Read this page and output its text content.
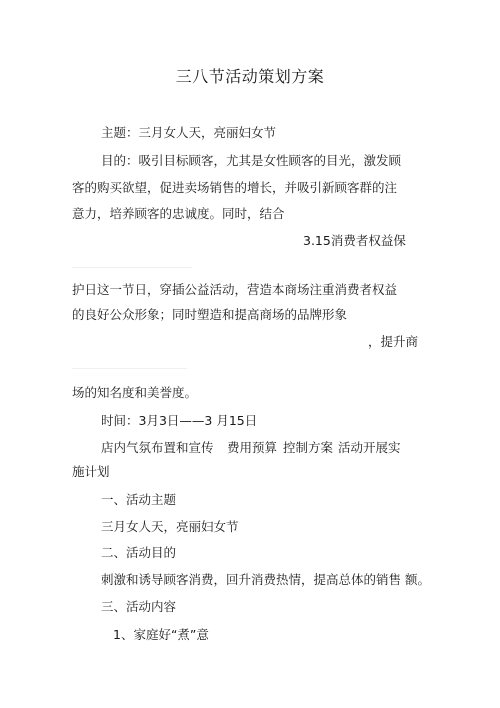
三八节活动策划方案
主题：三月女人天，亮丽妇女节
目的：吸引目标顾客，尤其是女性顾客的目光，激发顾
客的购买欲望，促进卖场销售的增长，并吸引新顾客群的注
意力，培养顾客的忠诚度。同时，结合
3.15消费者权益保
护日这一节日，穿插公益活动，营造本商场注重消费者权益
的良好公众形象；同时塑造和提高商场的品牌形象
，提升商
场的知名度和美誉度。
时间：3月3日——3 月15日
店内气氛布置和宣传 费用预算 控制方案 活动开展实
施计划
一、活动主题
三月女人天，亮丽妇女节
二、活动目的
刺激和诱导顾客消费，回升消费热情，提高总体的销售 额。
三、活动内容
1、家庭好“煮”意
